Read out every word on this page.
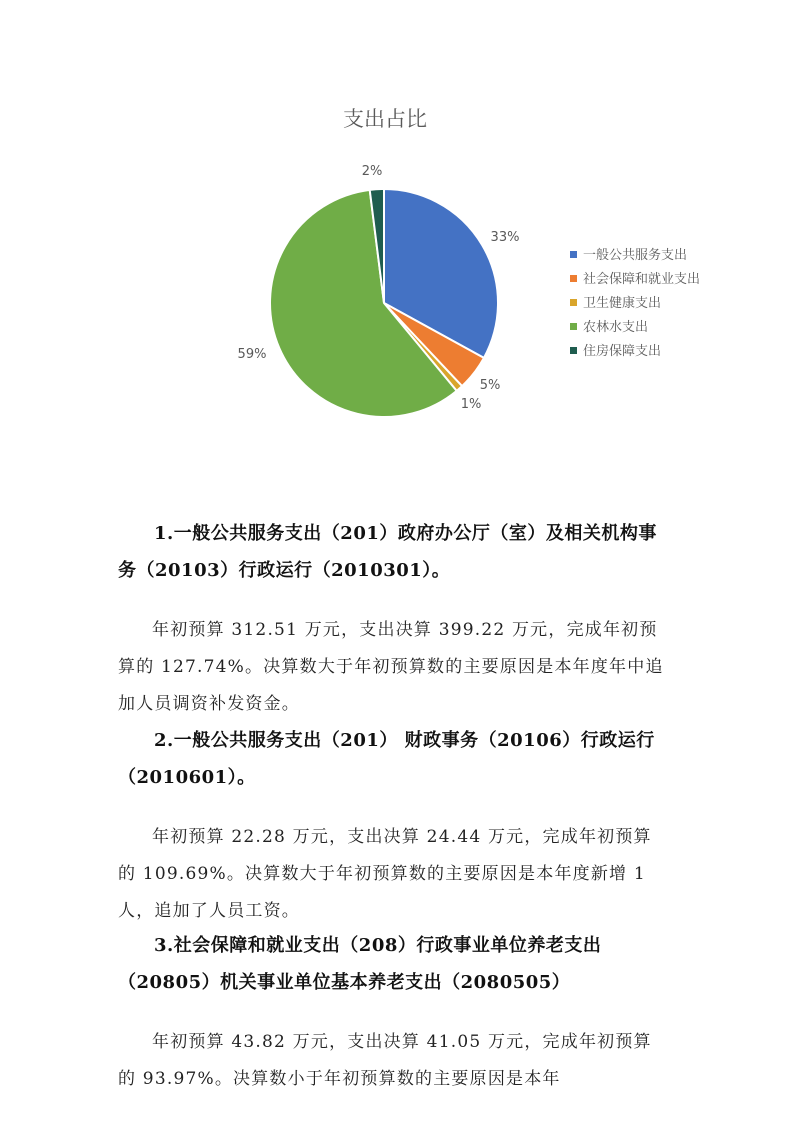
支出占比
33%
5%
1%
59%
2%
一般公共服务支出
社会保障和就业支出
卫生健康支出
农林水支出
住房保障支出

1.一般公共服务支出（201）政府办公厅（室）及相关机构事务（20103）行政运行（2010301）。

年初预算 312.51 万元，支出决算 399.22 万元，完成年初预算的 127.74%。决算数大于年初预算数的主要原因是本年度年中追加人员调资补发资金。

2.一般公共服务支出（201） 财政事务（20106）行政运行（2010601）。

年初预算 22.28 万元，支出决算 24.44 万元，完成年初预算的 109.69%。决算数大于年初预算数的主要原因是本年度新增 1 人，追加了人员工资。

3.社会保障和就业支出（208）行政事业单位养老支出（20805）机关事业单位基本养老支出（2080505）

年初预算 43.82 万元，支出决算 41.05 万元，完成年初预算的 93.97%。决算数小于年初预算数的主要原因是本年
